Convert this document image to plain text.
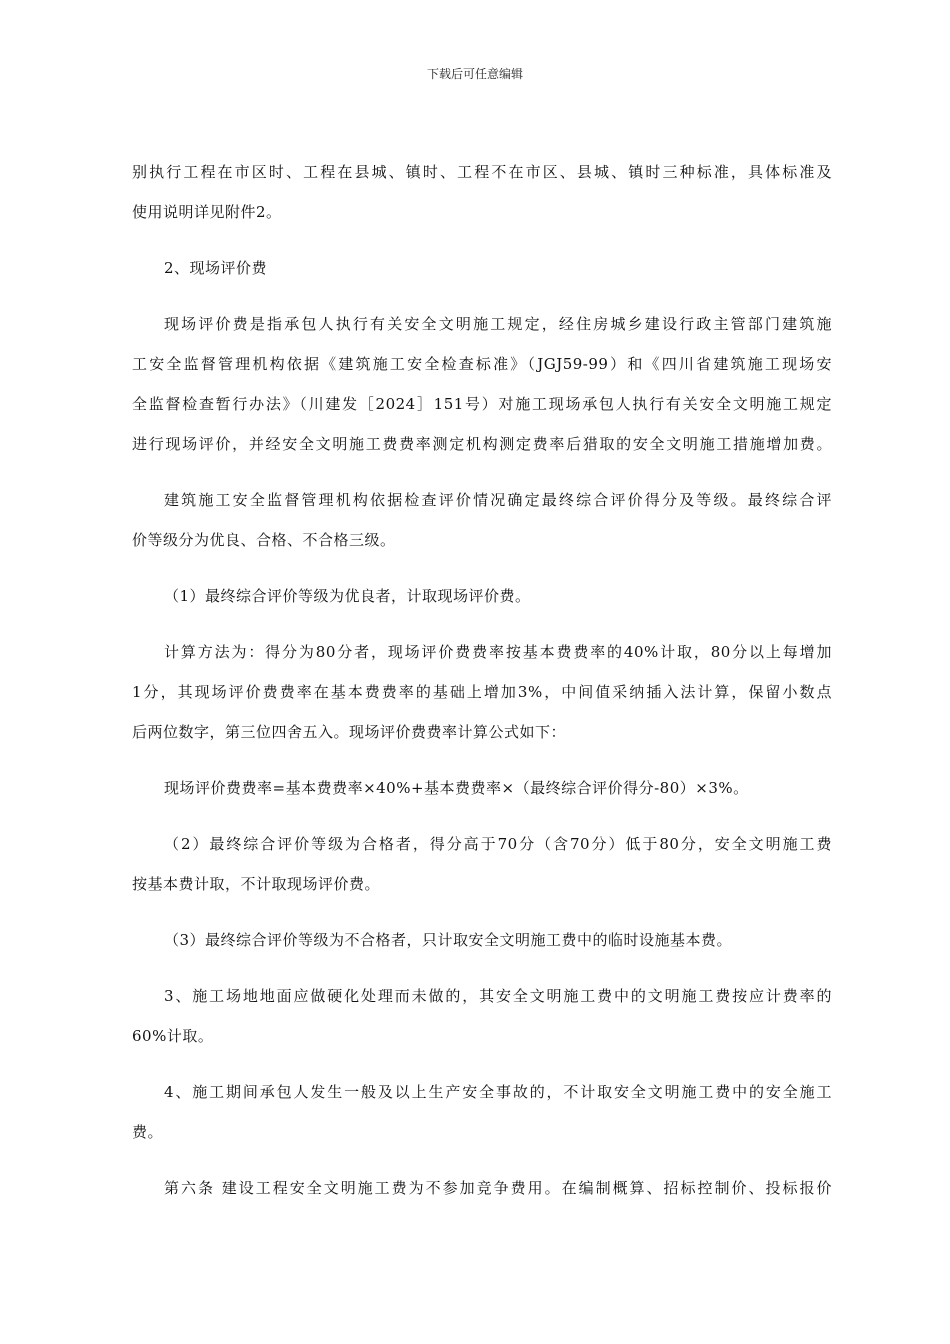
下载后可任意编辑
别执行工程在市区时、工程在县城、镇时、工程不在市区、县城、镇时三种标准，具体标准及
使用说明详见附件2。
2、现场评价费
现场评价费是指承包人执行有关安全文明施工规定，经住房城乡建设行政主管部门建筑施
工安全监督管理机构依据《建筑施工安全检查标准》（JGJ59-99）和《四川省建筑施工现场安
全监督检查暂行办法》（川建发［2024］151号）对施工现场承包人执行有关安全文明施工规定
进行现场评价，并经安全文明施工费费率测定机构测定费率后猎取的安全文明施工措施增加费。
建筑施工安全监督管理机构依据检查评价情况确定最终综合评价得分及等级。最终综合评
价等级分为优良、合格、不合格三级。
（1）最终综合评价等级为优良者，计取现场评价费。
计算方法为：得分为80分者，现场评价费费率按基本费费率的40%计取，80分以上每增加
1分，其现场评价费费率在基本费费率的基础上增加3%，中间值采纳插入法计算，保留小数点
后两位数字，第三位四舍五入。现场评价费费率计算公式如下：
现场评价费费率=基本费费率×40%+基本费费率×（最终综合评价得分-80）×3%。
（2）最终综合评价等级为合格者，得分高于70分（含70分）低于80分，安全文明施工费
按基本费计取，不计取现场评价费。
（3）最终综合评价等级为不合格者，只计取安全文明施工费中的临时设施基本费。
3、施工场地地面应做硬化处理而未做的，其安全文明施工费中的文明施工费按应计费率的
60%计取。
4、施工期间承包人发生一般及以上生产安全事故的，不计取安全文明施工费中的安全施工
费。
第六条 建设工程安全文明施工费为不参加竞争费用。在编制概算、招标控制价、投标报价
